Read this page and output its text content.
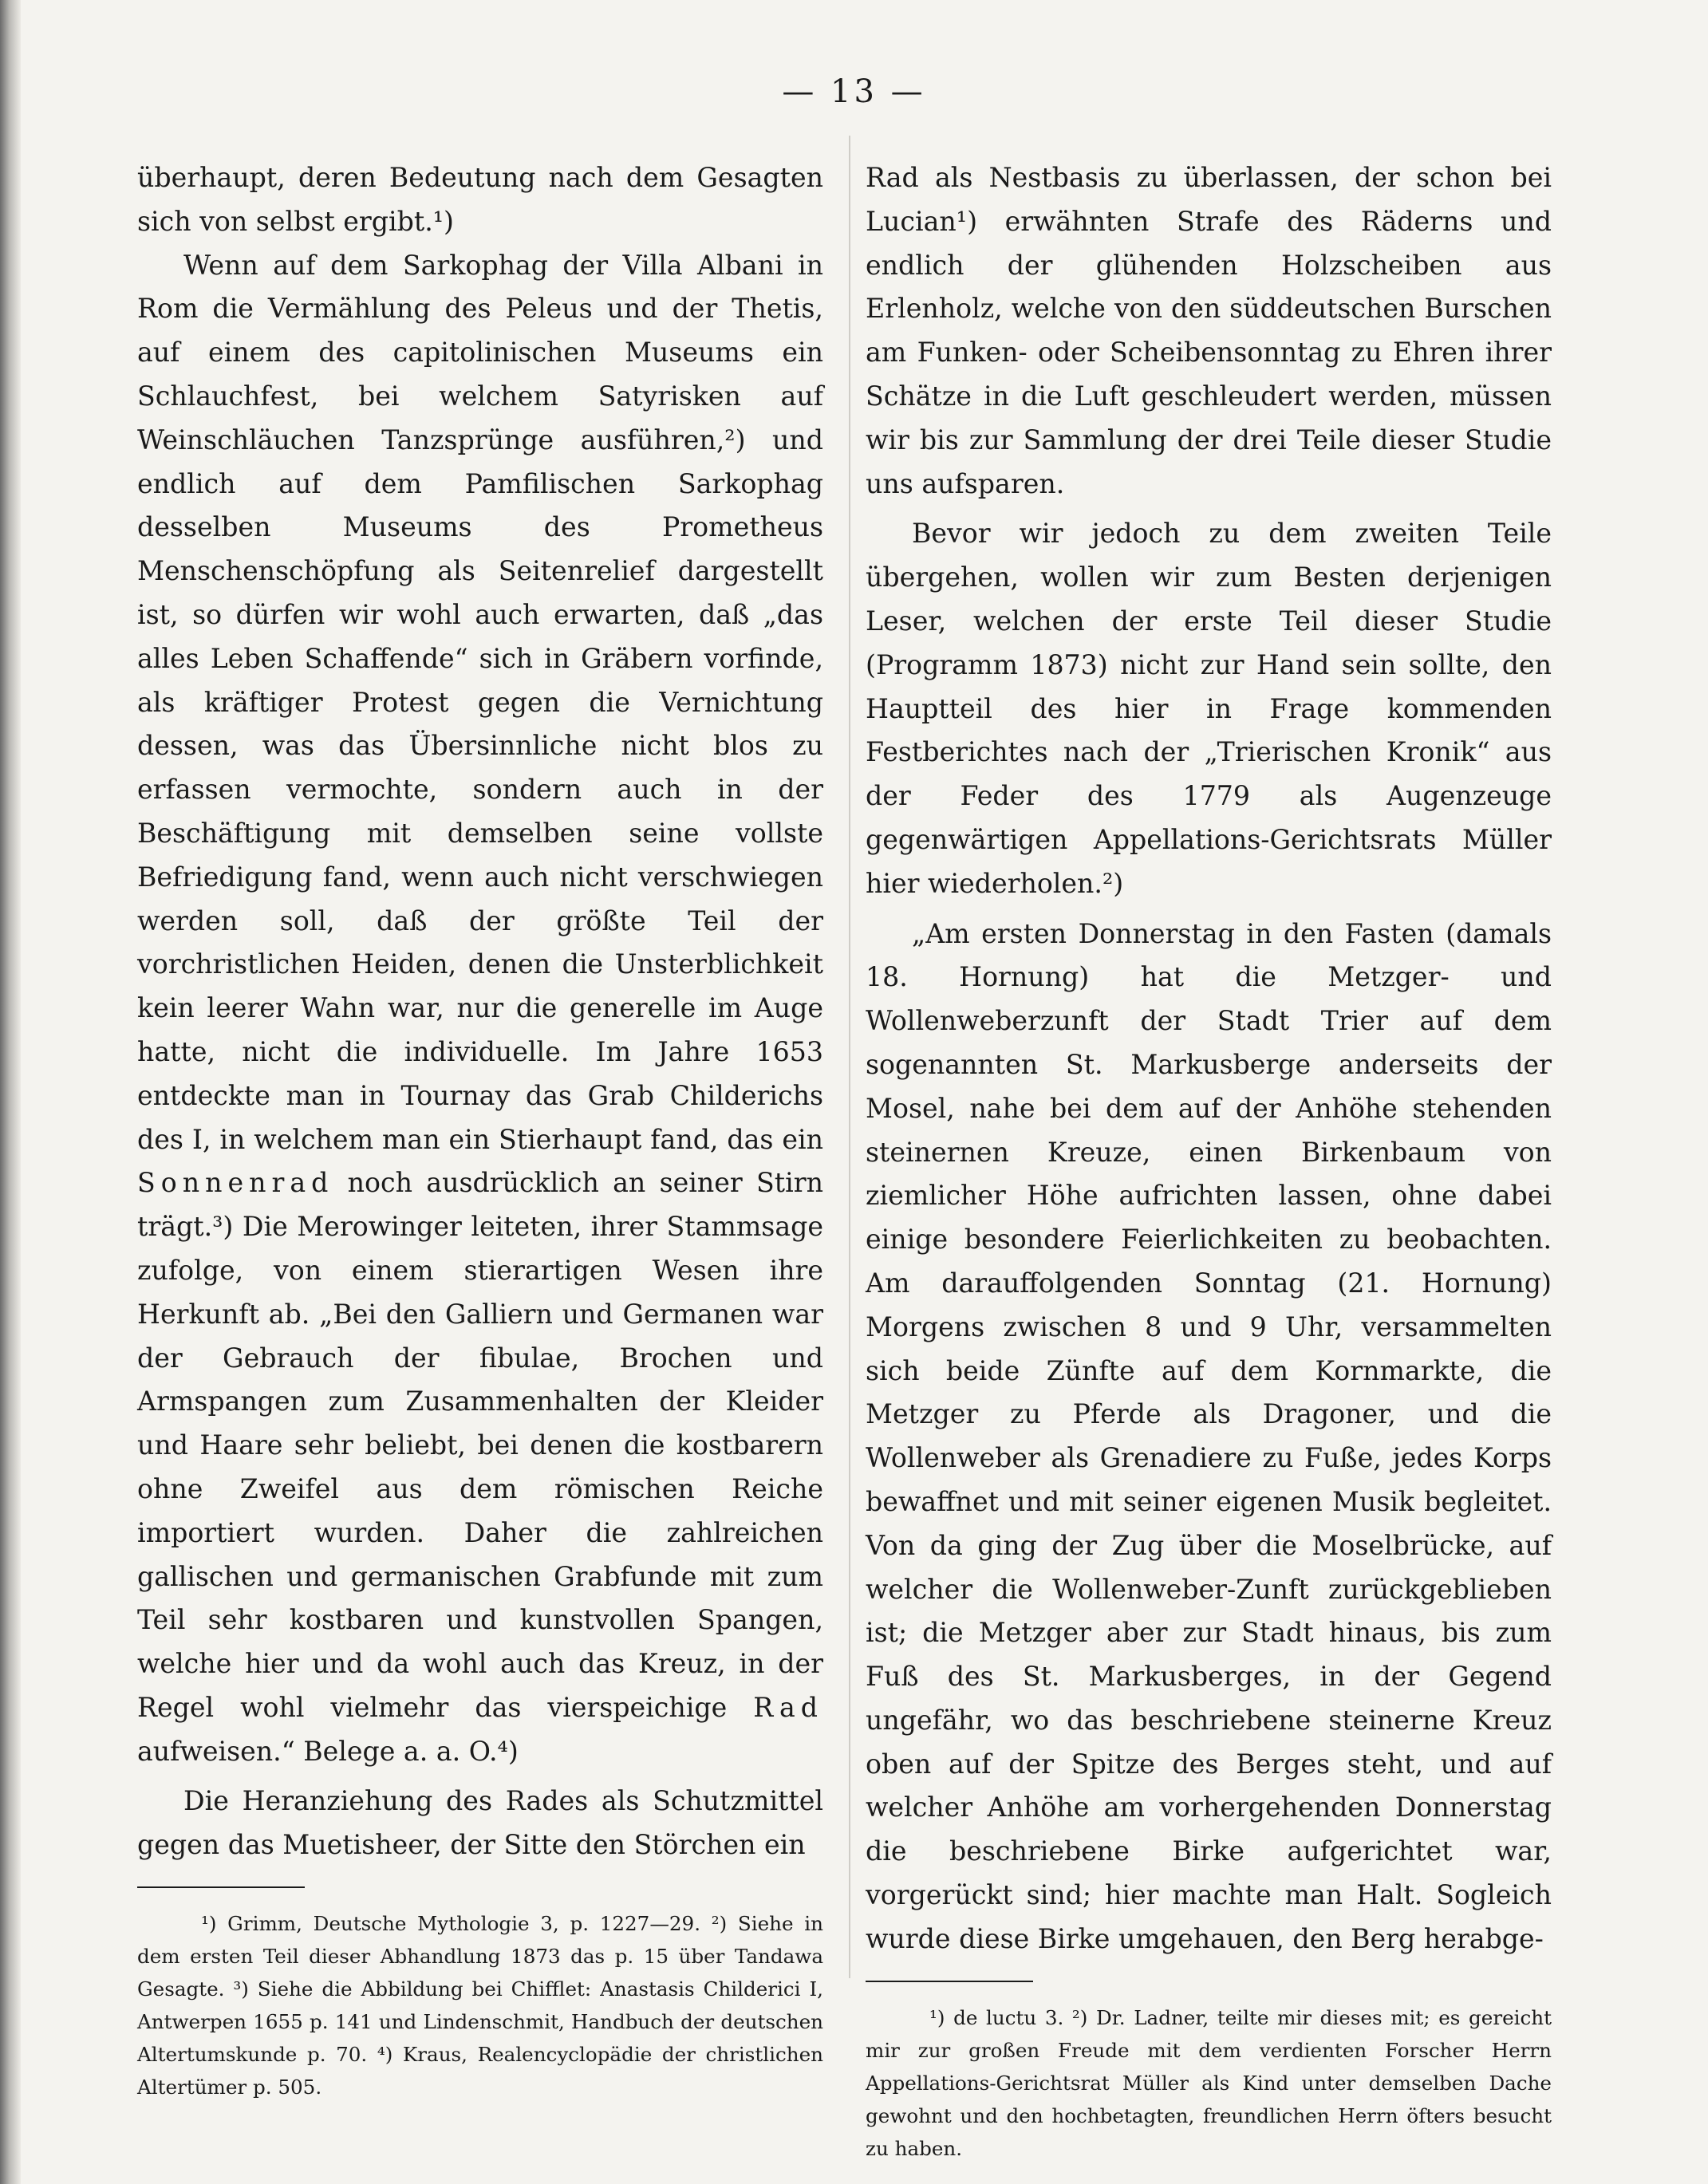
— 13 —

überhaupt, deren Bedeutung nach dem Gesagten sich von selbst ergibt.¹)

Wenn auf dem Sarkophag der Villa Albani in Rom die Vermählung des Peleus und der Thetis, auf einem des capitolinischen Museums ein Schlauchfest, bei welchem Satyrisken auf Weinschläuchen Tanzsprünge ausführen,²) und endlich auf dem Pamfilischen Sarkophag desselben Museums des Prometheus Menschenschöpfung als Seitenrelief dargestellt ist, so dürfen wir wohl auch erwarten, daß „das alles Leben Schaffende“ sich in Gräbern vorfinde, als kräftiger Protest gegen die Vernichtung dessen, was das Übersinnliche nicht blos zu erfassen vermochte, sondern auch in der Beschäftigung mit demselben seine vollste Befriedigung fand, wenn auch nicht verschwiegen werden soll, daß der größte Teil der vorchristlichen Heiden, denen die Unsterblichkeit kein leerer Wahn war, nur die generelle im Auge hatte, nicht die individuelle. Im Jahre 1653 entdeckte man in Tournay das Grab Childerichs des I, in welchem man ein Stierhaupt fand, das ein Sonnenrad noch ausdrücklich an seiner Stirn trägt.³) Die Merowinger leiteten, ihrer Stammsage zufolge, von einem stierartigen Wesen ihre Herkunft ab. „Bei den Galliern und Germanen war der Gebrauch der fibulae, Brochen und Armspangen zum Zusammenhalten der Kleider und Haare sehr beliebt, bei denen die kostbarern ohne Zweifel aus dem römischen Reiche importiert wurden. Daher die zahlreichen gallischen und germanischen Grabfunde mit zum Teil sehr kostbaren und kunstvollen Spangen, welche hier und da wohl auch das Kreuz, in der Regel wohl vielmehr das vierspeichige Rad aufweisen.“ Belege a. a. O.⁴)

Die Heranziehung des Rades als Schutzmittel gegen das Muetisheer, der Sitte den Störchen ein

¹) Grimm, Deutsche Mythologie 3, p. 1227—29. ²) Siehe in dem ersten Teil dieser Abhandlung 1873 das p. 15 über Tandawa Gesagte. ³) Siehe die Abbildung bei Chifflet: Anastasis Childerici I, Antwerpen 1655 p. 141 und Lindenschmit, Handbuch der deutschen Altertumskunde p. 70. ⁴) Kraus, Realencyclopädie der christlichen Altertümer p. 505.

Rad als Nestbasis zu überlassen, der schon bei Lucian¹) erwähnten Strafe des Räderns und endlich der glühenden Holzscheiben aus Erlenholz, welche von den süddeutschen Burschen am Funken- oder Scheibensonntag zu Ehren ihrer Schätze in die Luft geschleudert werden, müssen wir bis zur Sammlung der drei Teile dieser Studie uns aufsparen.

Bevor wir jedoch zu dem zweiten Teile übergehen, wollen wir zum Besten derjenigen Leser, welchen der erste Teil dieser Studie (Programm 1873) nicht zur Hand sein sollte, den Hauptteil des hier in Frage kommenden Festberichtes nach der „Trierischen Kronik“ aus der Feder des 1779 als Augenzeuge gegenwärtigen Appellations-Gerichtsrats Müller hier wiederholen.²)

„Am ersten Donnerstag in den Fasten (damals 18. Hornung) hat die Metzger- und Wollenweberzunft der Stadt Trier auf dem sogenannten St. Markusberge anderseits der Mosel, nahe bei dem auf der Anhöhe stehenden steinernen Kreuze, einen Birkenbaum von ziemlicher Höhe aufrichten lassen, ohne dabei einige besondere Feierlichkeiten zu beobachten. Am darauffolgenden Sonntag (21. Hornung) Morgens zwischen 8 und 9 Uhr, versammelten sich beide Zünfte auf dem Kornmarkte, die Metzger zu Pferde als Dragoner, und die Wollenweber als Grenadiere zu Fuße, jedes Korps bewaffnet und mit seiner eigenen Musik begleitet. Von da ging der Zug über die Moselbrücke, auf welcher die Wollenweber-Zunft zurückgeblieben ist; die Metzger aber zur Stadt hinaus, bis zum Fuß des St. Markusberges, in der Gegend ungefähr, wo das beschriebene steinerne Kreuz oben auf der Spitze des Berges steht, und auf welcher Anhöhe am vorhergehenden Donnerstag die beschriebene Birke aufgerichtet war, vorgerückt sind; hier machte man Halt. Sogleich wurde diese Birke umgehauen, den Berg herabge-

¹) de luctu 3. ²) Dr. Ladner, teilte mir dieses mit; es gereicht mir zur großen Freude mit dem verdienten Forscher Herrn Appellations-Gerichtsrat Müller als Kind unter demselben Dache gewohnt und den hochbetagten, freundlichen Herrn öfters besucht zu haben.
